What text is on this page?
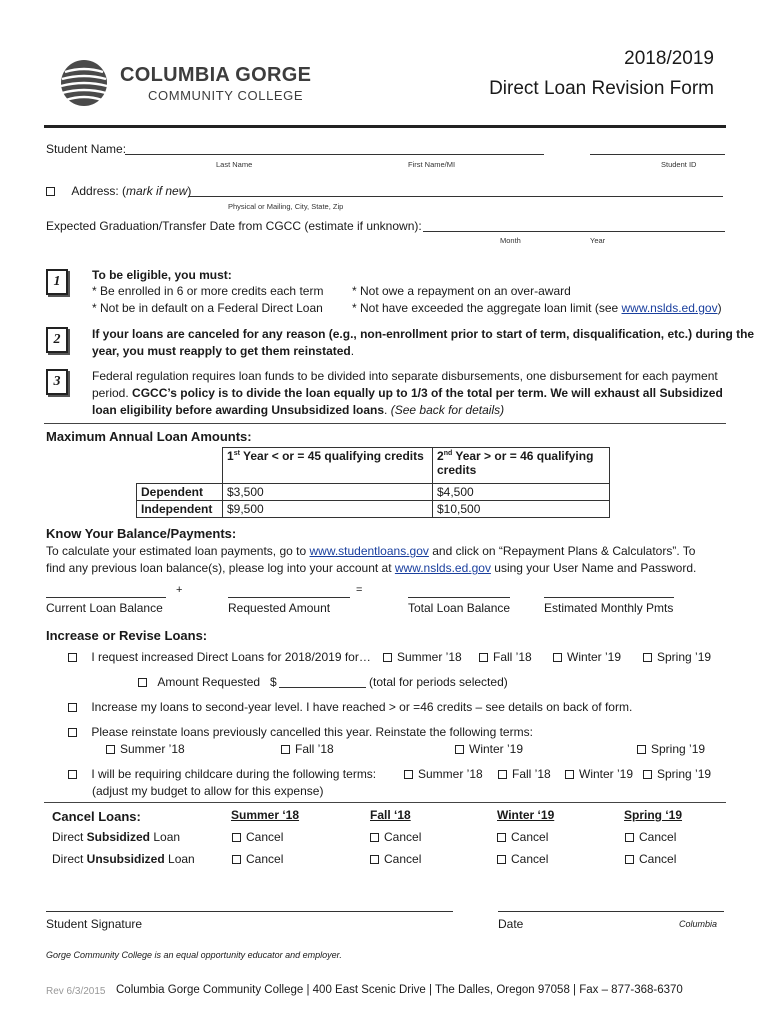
COLUMBIA GORGE
COMMUNITY COLLEGE
2018/2019
Direct Loan Revision Form
Student Name:
Last Name	First Name/MI	Student ID
Address: (mark if new)
Physical or Mailing, City, State, Zip
Expected Graduation/Transfer Date from CGCC (estimate if unknown):
Month	Year
1	To be eligible, you must:
* Be enrolled in 6 or more credits each term * Not owe a repayment on an over-award
* Not be in default on a Federal Direct Loan * Not have exceeded the aggregate loan limit (see www.nslds.ed.gov)
2	If your loans are canceled for any reason (e.g., non-enrollment prior to start of term, disqualification, etc.) during the
year, you must reapply to get them reinstated.
3	Federal regulation requires loan funds to be divided into separate disbursements, one disbursement for each payment
period. CGCC’s policy is to divide the loan equally up to 1/3 of the total per term. We will exhaust all Subsidized
loan eligibility before awarding Unsubsidized loans. (See back for details)
Maximum Annual Loan Amounts:
	1st Year < or = 45 qualifying credits	2nd Year > or = 46 qualifying
credits
Dependent	$3,500	$4,500
Independent	$9,500	$10,500
Know Your Balance/Payments:
To calculate your estimated loan payments, go to www.studentloans.gov and click on “Repayment Plans & Calculators”. To
find any previous loan balance(s), please log into your account at www.nslds.ed.gov using your User Name and Password.
+	=
Current Loan Balance	Requested Amount	Total Loan Balance	Estimated Monthly Pmts
Increase or Revise Loans:
I request increased Direct Loans for 2018/2019 for…	Summer ’18	Fall ’18	Winter ’19	Spring ’19
Amount Requested $	(total for periods selected)
Increase my loans to second-year level. I have reached > or =46 credits – see details on back of form.
Please reinstate loans previously cancelled this year. Reinstate the following terms:
Summer ’18	Fall ’18	Winter ’19	Spring ’19
I will be requiring childcare during the following terms:	Summer ’18	Fall ’18	Winter ’19	Spring ’19
(adjust my budget to allow for this expense)
Cancel Loans:	Summer ‘18	Fall ‘18	Winter ‘19	Spring ‘19
Direct Subsidized Loan	Cancel	Cancel	Cancel	Cancel
Direct Unsubsidized Loan	Cancel	Cancel	Cancel	Cancel
Student Signature	Date	Columbia
Gorge Community College is an equal opportunity educator and employer.
Rev 6/3/2015 Columbia Gorge Community College | 400 East Scenic Drive | The Dalles, Oregon 97058 | Fax – 877-368-6370
